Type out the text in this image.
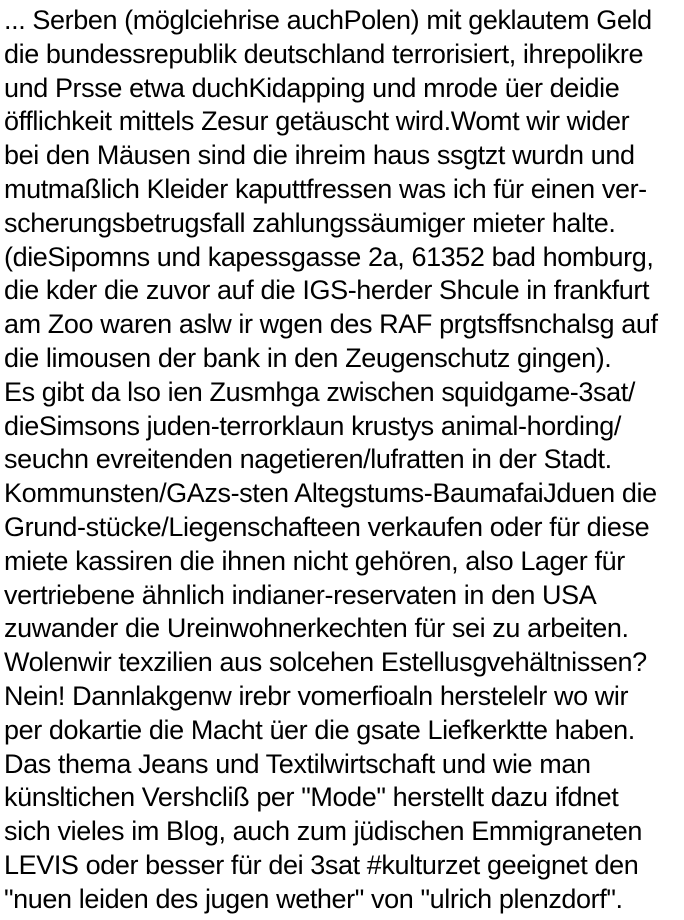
... Serben (möglciehrise auchPolen) mit geklautem Geld
die bundessrepublik deutschland terrorisiert, ihrepolikre
und Prsse etwa duchKidapping und mrode üer deidie
öfflichkeit mittels Zesur getäuscht wird.Womt wir wider
bei den Mäusen sind die ihreim haus ssgtzt wurdn und
mutmaßlich Kleider kaputtfressen was ich für einen ver-
scherungsbetrugsfall zahlungssäumiger mieter halte.
(dieSipomns und kapessgasse 2a, 61352 bad homburg,
die kder die zuvor auf die IGS-herder Shcule in frankfurt
am Zoo waren aslw ir wgen des RAF prgtsffsnchalsg auf
die limousen der bank in den Zeugenschutz gingen).
Es gibt da lso ien Zusmhga zwischen squidgame-3sat/
dieSimsons juden-terrorklaun krustys animal-hording/
seuchn evreitenden nagetieren/lufratten in der Stadt.
Kommunsten/GAzs-sten Altegstums-BaumafaiJduen die
Grund-stücke/Liegenschafteen verkaufen oder für diese
miete kassiren die ihnen nicht gehören, also Lager für
vertriebene ähnlich indianer-reservaten in den USA
zuwander die Ureinwohnerkechten für sei zu arbeiten.
Wolenwir texzilien aus solcehen Estellusgvehältnissen?
Nein! Dannlakgenw irebr vomerfioaln herstelelr wo wir
per dokartie die Macht üer die gsate Liefkerktte haben.
Das thema Jeans und Textilwirtschaft und wie man
künsltichen Vershcliß per "Mode" herstellt dazu ifdnet
sich vieles im Blog, auch zum jüdischen Emmigraneten
LEVIS oder besser für dei 3sat #kulturzet geeignet den
"nuen leiden des jugen wether" von "ulrich plenzdorf".
